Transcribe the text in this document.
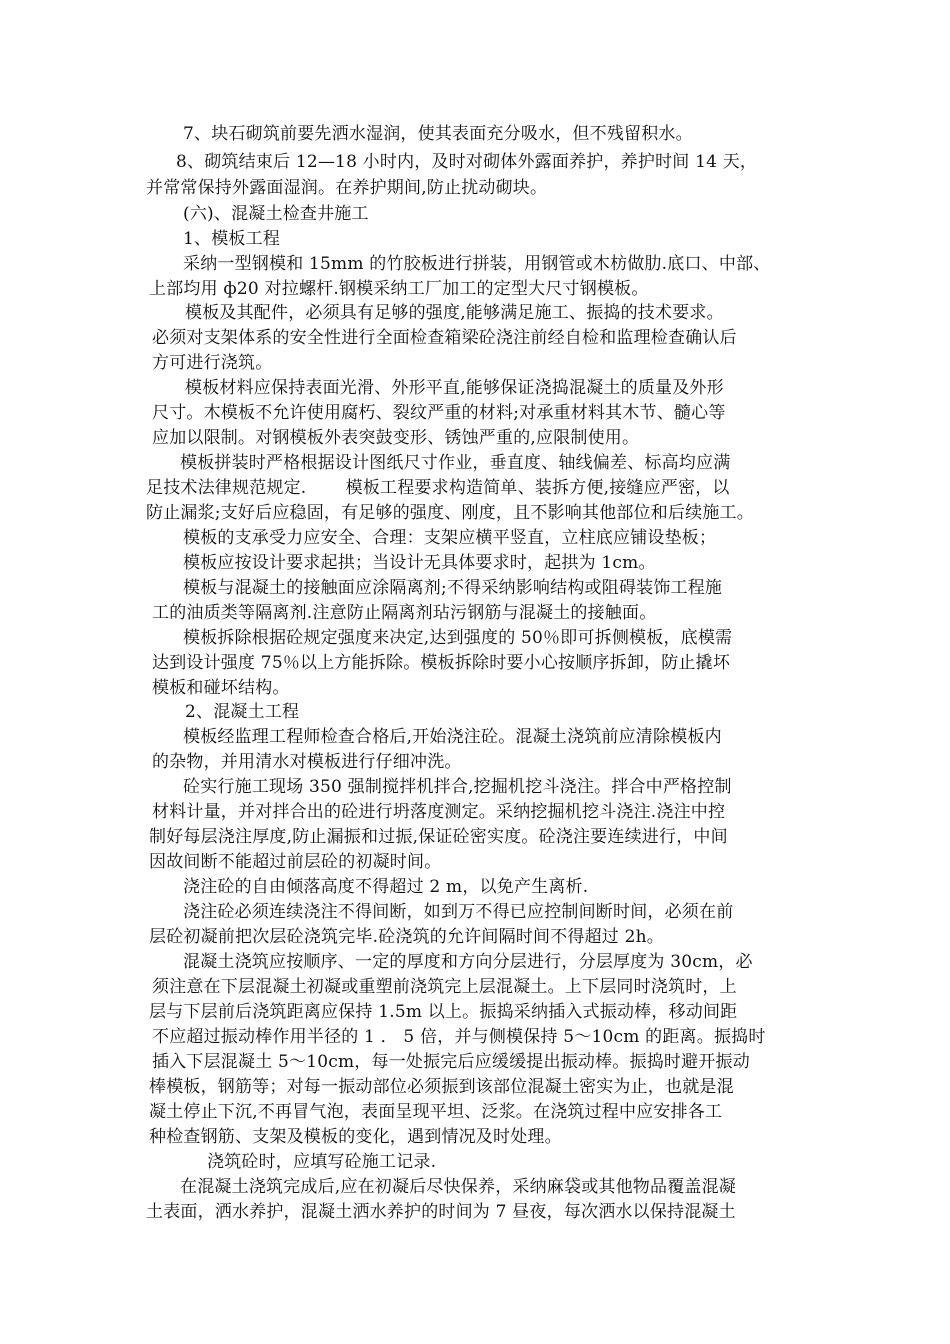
7、块石砌筑前要先洒水湿润，使其表面充分吸水，但不残留积水。
8、砌筑结束后 12—18 小时内，及时对砌体外露面养护，养护时间 14 天，
并常常保持外露面湿润。在养护期间,防止扰动砌块。
(六)、混凝土检查井施工
1、模板工程
采纳一型钢模和 15mm 的竹胶板进行拼装，用钢管或木枋做肋.底口、中部、
上部均用 ф20 对拉螺杆.钢模采纳工厂加工的定型大尺寸钢模板。
模板及其配件，必须具有足够的强度,能够满足施工、振捣的技术要求。
必须对支架体系的安全性进行全面检查箱梁砼浇注前经自检和监理检查确认后
方可进行浇筑。
模板材料应保持表面光滑、外形平直,能够保证浇捣混凝土的质量及外形
尺寸。木模板不允许使用腐朽、裂纹严重的材料;对承重材料其木节、髓心等
应加以限制。对钢模板外表突鼓变形、锈蚀严重的,应限制使用。
模板拼装时严格根据设计图纸尺寸作业，垂直度、轴线偏差、标高均应满
足技术法律规范规定.       模板工程要求构造简单、装拆方便,接缝应严密，以
防止漏浆;支好后应稳固，有足够的强度、刚度，且不影响其他部位和后续施工。
模板的支承受力应安全、合理：支架应横平竖直，立柱底应铺设垫板；
模板应按设计要求起拱；当设计无具体要求时，起拱为 1cm。
模板与混凝土的接触面应涂隔离剂;不得采纳影响结构或阻碍装饰工程施
工的油质类等隔离剂.注意防止隔离剂玷污钢筋与混凝土的接触面。
模板拆除根据砼规定强度来决定,达到强度的 50％即可拆侧模板，底模需
达到设计强度 75％以上方能拆除。模板拆除时要小心按顺序拆卸，防止撬坏
模板和碰坏结构。
2、混凝土工程
模板经监理工程师检查合格后,开始浇注砼。混凝土浇筑前应清除模板内
的杂物，并用清水对模板进行仔细冲洗。
砼实行施工现场 350 强制搅拌机拌合,挖掘机挖斗浇注。拌合中严格控制
材料计量，并对拌合出的砼进行坍落度测定。采纳挖掘机挖斗浇注.浇注中控
制好每层浇注厚度,防止漏振和过振,保证砼密实度。砼浇注要连续进行，中间
因故间断不能超过前层砼的初凝时间。
浇注砼的自由倾落高度不得超过 2 m，以免产生离析.
浇注砼必须连续浇注不得间断，如到万不得已应控制间断时间，必须在前
层砼初凝前把次层砼浇筑完毕.砼浇筑的允许间隔时间不得超过 2h。
混凝土浇筑应按顺序、一定的厚度和方向分层进行，分层厚度为 30cm，必
须注意在下层混凝土初凝或重塑前浇筑完上层混凝土。上下层同时浇筑时，上
层与下层前后浇筑距离应保持 1.5m 以上。振捣采纳插入式振动棒，移动间距
不应超过振动棒作用半径的 1 ． 5 倍，并与侧模保持 5～10cm 的距离。振捣时
插入下层混凝土 5～10cm，每一处振完后应缓缓提出振动棒。振捣时避开振动
棒模板，钢筋等；对每一振动部位必须振到该部位混凝土密实为止，也就是混
凝土停止下沉,不再冒气泡，表面呈现平坦、泛浆。在浇筑过程中应安排各工
种检查钢筋、支架及模板的变化，遇到情况及时处理。
浇筑砼时，应填写砼施工记录.
在混凝土浇筑完成后,应在初凝后尽快保养，采纳麻袋或其他物品覆盖混凝
土表面，洒水养护，混凝土洒水养护的时间为 7 昼夜，每次洒水以保持混凝土
